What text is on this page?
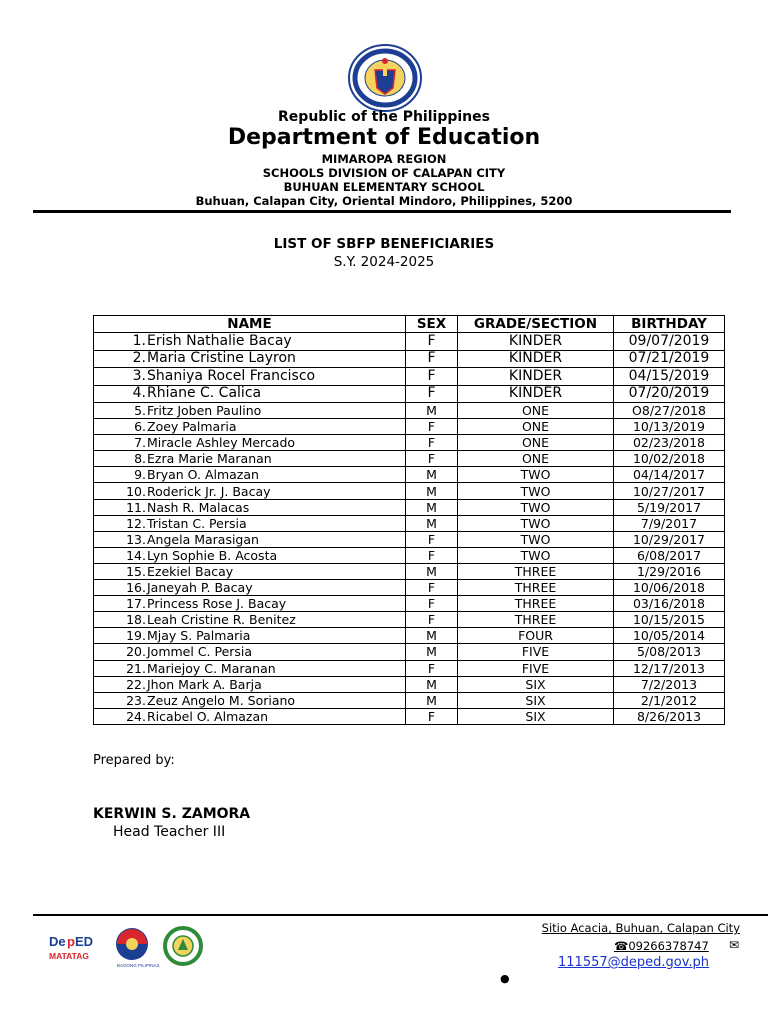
Republic of the Philippines
Department of Education
MIMAROPA REGION
SCHOOLS DIVISION OF CALAPAN CITY
BUHUAN ELEMENTARY SCHOOL
Buhuan, Calapan City, Oriental Mindoro, Philippines, 5200
LIST OF SBFP BENEFICIARIES
S.Y. 2024-2025
NAME	SEX	GRADE/SECTION	BIRTHDAY
1.Erish Nathalie Bacay	F	KINDER	09/07/2019
2.Maria Cristine Layron	F	KINDER	07/21/2019
3.Shaniya Rocel Francisco	F	KINDER	04/15/2019
4.Rhiane C. Calica	F	KINDER	07/20/2019
5.Fritz Joben Paulino	M	ONE	O8/27/2018
6.Zoey Palmaria	F	ONE	10/13/2019
7.Miracle Ashley Mercado	F	ONE	02/23/2018
8.Ezra Marie Maranan	F	ONE	10/02/2018
9.Bryan O. Almazan	M	TWO	04/14/2017
10.Roderick Jr. J. Bacay	M	TWO	10/27/2017
11.Nash R. Malacas	M	TWO	5/19/2017
12.Tristan C. Persia	M	TWO	7/9/2017
13.Angela Marasigan	F	TWO	10/29/2017
14.Lyn Sophie B. Acosta	F	TWO	6/08/2017
15.Ezekiel Bacay	M	THREE	1/29/2016
16.Janeyah P. Bacay	F	THREE	10/06/2018
17.Princess Rose J. Bacay	F	THREE	03/16/2018
18.Leah Cristine R. Benitez	F	THREE	10/15/2015
19.Mjay S. Palmaria	M	FOUR	10/05/2014
20.Jommel C. Persia	M	FIVE	5/08/2013
21.Mariejoy C. Maranan	F	FIVE	12/17/2013
22.Jhon Mark A. Barja	M	SIX	7/2/2013
23.Zeuz Angelo M. Soriano	M	SIX	2/1/2012
24.Ricabel O. Almazan	F	SIX	8/26/2013
Prepared by:
KERWIN S. ZAMORA
Head Teacher III
De p ED
MATATAG
BAGONG PILIPINAS
Sitio Acacia, Buhuan, Calapan City
☎09266378747 ✉
111557@deped.gov.ph
●
